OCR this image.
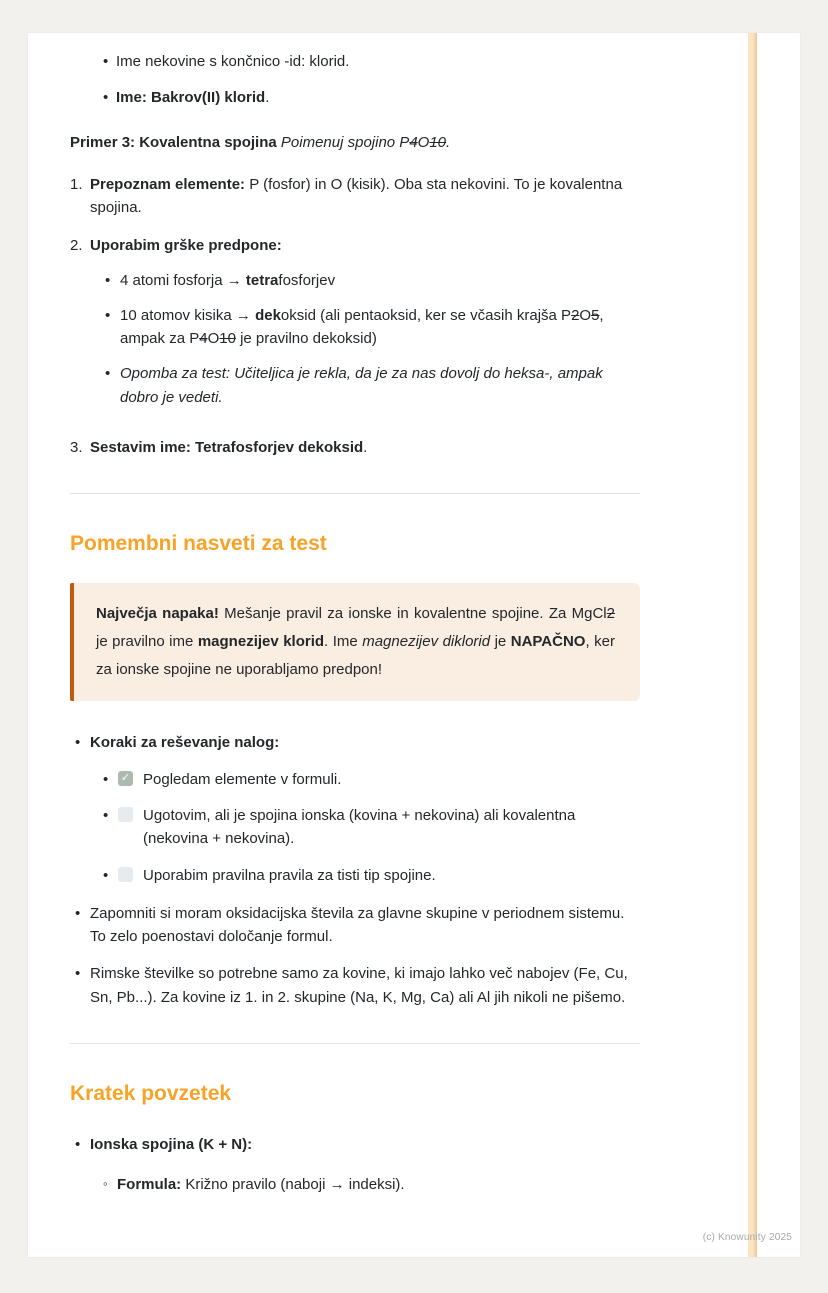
•

Ime nekovine s končnico -id: klorid.

•

Ime: Bakrov(II) klorid.

Primer 3: Kovalentna spojina Poimenuj spojino P4O10.

1. Prepoznam elemente: P (fosfor) in O (kisik). Oba sta nekovini. To je kovalentna spojina.

2. Uporabim grške predpone:

•

4 atomi fosforja → tetrafosforjev

•

10 atomov kisika → dekoksid (ali pentaoksid, ker se včasih krajša P2O5, ampak za P4O10 je pravilno dekoksid)

•

Opomba za test: Učiteljica je rekla, da je za nas dovolj do heksa-, ampak dobro je vedeti.

3. Sestavim ime: Tetrafosforjev dekoksid.

Pomembni nasveti za test

Največja napaka! Mešanje pravil za ionske in kovalentne spojine. Za MgCl2 je pravilno ime magnezijev klorid. Ime magnezijev diklorid je NAPAČNO, ker za ionske spojine ne uporabljamo predpon!

•

Koraki za reševanje nalog:

•
✓

Pogledam elemente v formuli.

•

Ugotovim, ali je spojina ionska (kovina + nekovina) ali kovalentna (nekovina + nekovina).

•

Uporabim pravilna pravila za tisti tip spojine.

•

Zapomniti si moram oksidacijska števila za glavne skupine v periodnem sistemu. To zelo poenostavi določanje formul.

•

Rimske številke so potrebne samo za kovine, ki imajo lahko več nabojev (Fe, Cu, Sn, Pb...). Za kovine iz 1. in 2. skupine (Na, K, Mg, Ca) ali Al jih nikoli ne pišemo.

Kratek povzetek
•

Ionska spojina (K + N):

◦

Formula: Križno pravilo (naboji → indeksi).

(c) Knowunity 2025
